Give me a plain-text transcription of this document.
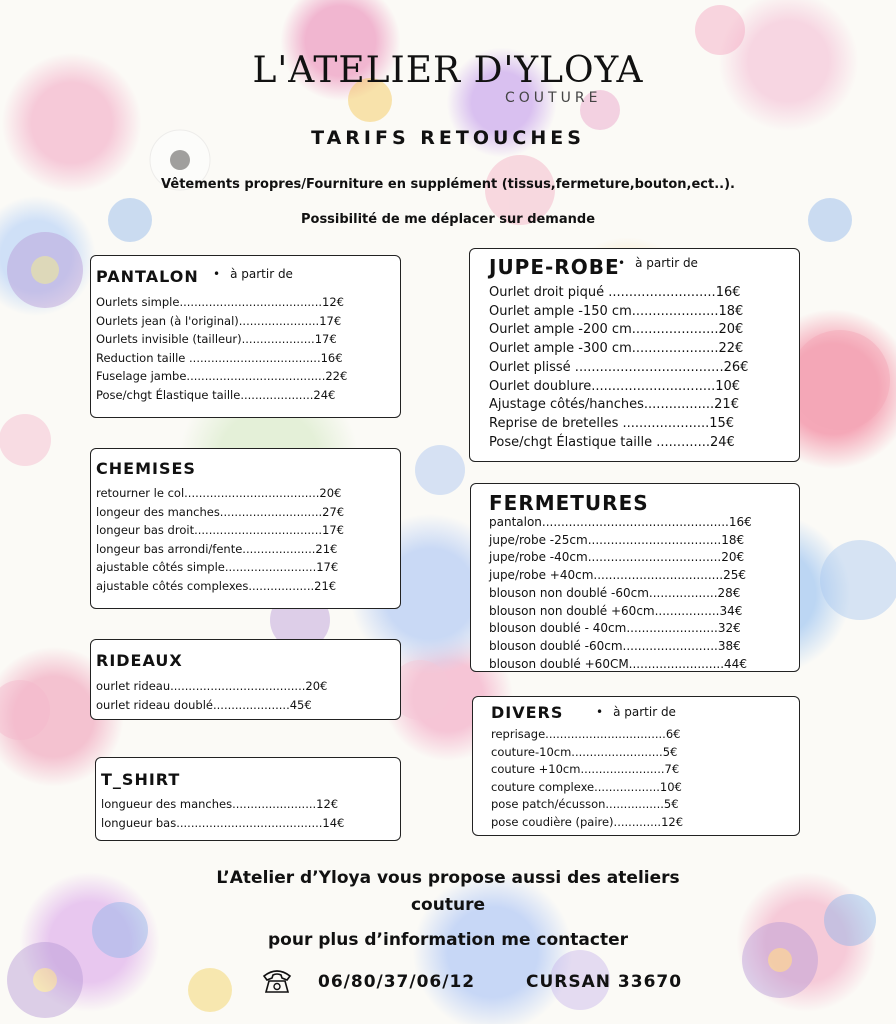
L'ATELIER D'YLOYA
COUTURE
TARIFS RETOUCHES
Vêtements propres/Fourniture en supplément (tissus,fermeture,bouton,ect..).
Possibilité de me déplacer sur demande
PANTALON	• à partir de
Ourlets simple.......................................12€
Ourlets jean (à l'original)......................17€
Ourlets invisible (tailleur)....................17€
Reduction taille ....................................16€
Fuselage jambe......................................22€
Pose/chgt Élastique taille....................24€
CHEMISES
retourner le col.....................................20€
longeur des manches............................27€
longeur bas droit...................................17€
longeur bas arrondi/fente....................21€
ajustable côtés simple.........................17€
ajustable côtés complexes..................21€
RIDEAUX
ourlet rideau.....................................20€
ourlet rideau doublé.....................45€
T_SHIRT
longueur des manches.......................12€
longueur bas........................................14€
JUPE-ROBE	• à partir de
Ourlet droit piqué ..........................16€
Ourlet ample -150 cm.....................18€
Ourlet ample -200 cm.....................20€
Ourlet ample -300 cm.....................22€
Ourlet plissé ....................................26€
Ourlet doublure..............................10€
Ajustage côtés/hanches.................21€
Reprise de bretelles .....................15€
Pose/chgt Élastique taille .............24€
FERMETURES
pantalon.................................................16€
jupe/robe -25cm...................................18€
jupe/robe -40cm...................................20€
jupe/robe +40cm..................................25€
blouson non doublé -60cm..................28€
blouson non doublé +60cm.................34€
blouson doublé - 40cm........................32€
blouson doublé -60cm.........................38€
blouson doublé +60CM.........................44€
DIVERS	• à partir de
reprisage.................................6€
couture-10cm.........................5€
couture +10cm.......................7€
couture complexe..................10€
pose patch/écusson................5€
pose coudière (paire).............12€
L’Atelier d’Yloya vous propose aussi des ateliers
couture
pour plus d’information me contacter
06/80/37/06/12	CURSAN 33670
